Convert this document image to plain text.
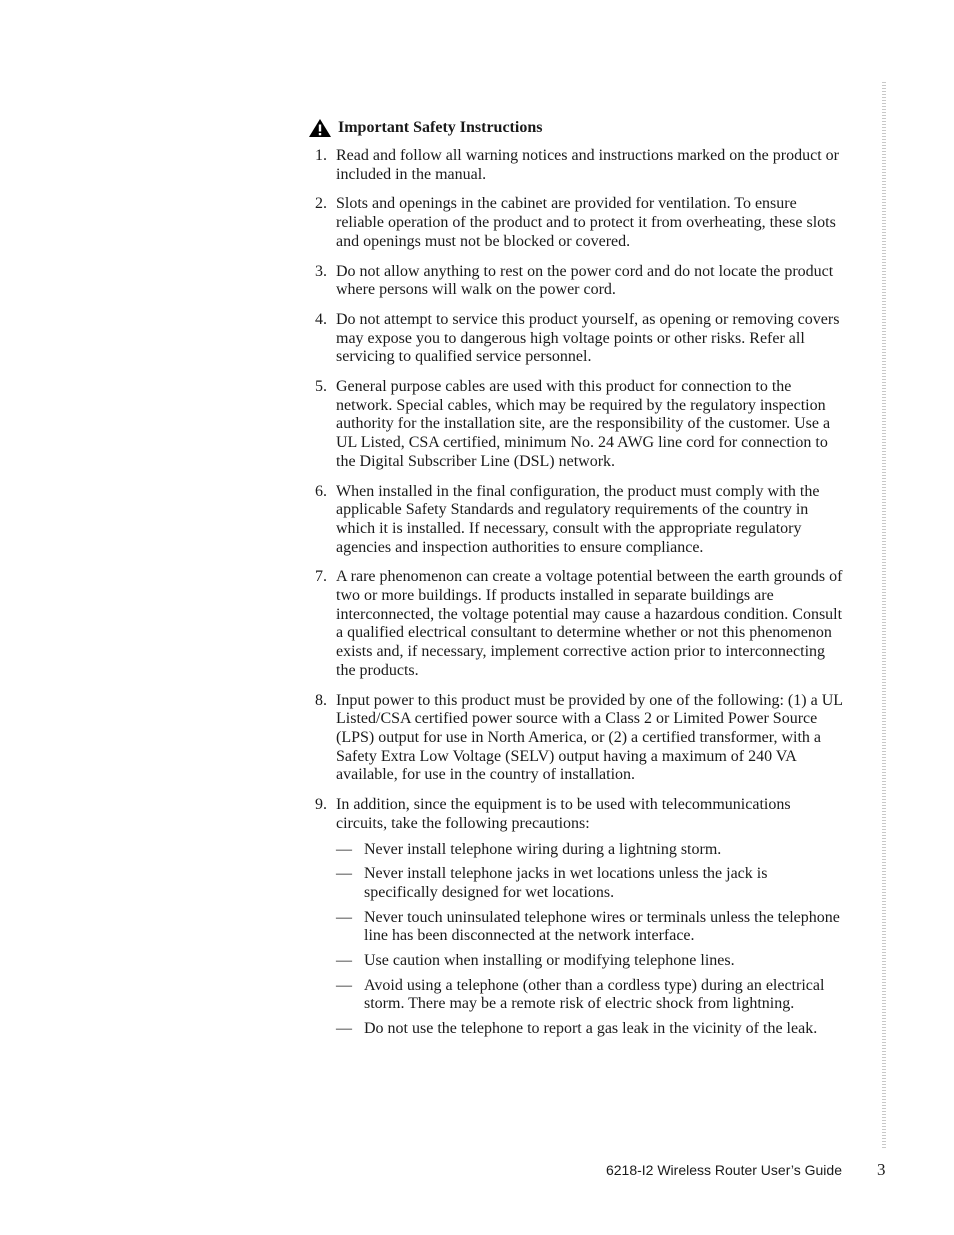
Important Safety Instructions
1. Read and follow all warning notices and instructions marked on the product or included in the manual.
2. Slots and openings in the cabinet are provided for ventilation. To ensure reliable operation of the product and to protect it from overheating, these slots and openings must not be blocked or covered.
3. Do not allow anything to rest on the power cord and do not locate the product where persons will walk on the power cord.
4. Do not attempt to service this product yourself, as opening or removing covers may expose you to dangerous high voltage points or other risks. Refer all servicing to qualified service personnel.
5. General purpose cables are used with this product for connection to the network. Special cables, which may be required by the regulatory inspection authority for the installation site, are the responsibility of the customer. Use a UL Listed, CSA certified, minimum No. 24 AWG line cord for connection to the Digital Subscriber Line (DSL) network.
6. When installed in the final configuration, the product must comply with the applicable Safety Standards and regulatory requirements of the country in which it is installed. If necessary, consult with the appropriate regulatory agencies and inspection authorities to ensure compliance.
7. A rare phenomenon can create a voltage potential between the earth grounds of two or more buildings. If products installed in separate buildings are interconnected, the voltage potential may cause a hazardous condition. Consult a qualified electrical consultant to determine whether or not this phenomenon exists and, if necessary, implement corrective action prior to interconnecting the products.
8. Input power to this product must be provided by one of the following: (1) a UL Listed/CSA certified power source with a Class 2 or Limited Power Source (LPS) output for use in North America, or (2) a certified transformer, with a Safety Extra Low Voltage (SELV) output having a maximum of 240 VA available, for use in the country of installation.
9. In addition, since the equipment is to be used with telecommunications circuits, take the following precautions:
— Never install telephone wiring during a lightning storm.
— Never install telephone jacks in wet locations unless the jack is specifically designed for wet locations.
— Never touch uninsulated telephone wires or terminals unless the telephone line has been disconnected at the network interface.
— Use caution when installing or modifying telephone lines.
— Avoid using a telephone (other than a cordless type) during an electrical storm. There may be a remote risk of electric shock from lightning.
— Do not use the telephone to report a gas leak in the vicinity of the leak.
6218-I2 Wireless Router User’s Guide 3
